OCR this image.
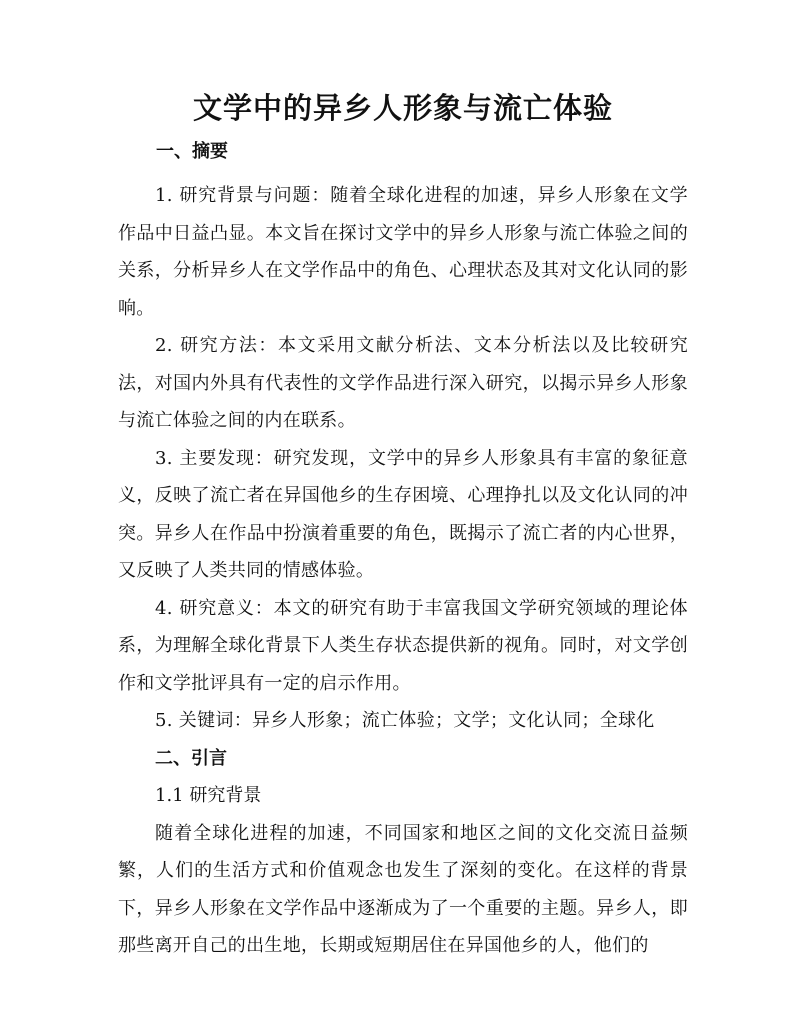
文学中的异乡人形象与流亡体验
一、摘要

1. 研究背景与问题：随着全球化进程的加速，异乡人形象在文学作品中日益凸显。本文旨在探讨文学中的异乡人形象与流亡体验之间的关系，分析异乡人在文学作品中的角色、心理状态及其对文化认同的影响。

2. 研究方法：本文采用文献分析法、文本分析法以及比较研究法，对国内外具有代表性的文学作品进行深入研究，以揭示异乡人形象与流亡体验之间的内在联系。

3. 主要发现：研究发现，文学中的异乡人形象具有丰富的象征意义，反映了流亡者在异国他乡的生存困境、心理挣扎以及文化认同的冲突。异乡人在作品中扮演着重要的角色，既揭示了流亡者的内心世界，又反映了人类共同的情感体验。

4. 研究意义：本文的研究有助于丰富我国文学研究领域的理论体系，为理解全球化背景下人类生存状态提供新的视角。同时，对文学创作和文学批评具有一定的启示作用。

5. 关键词：异乡人形象；流亡体验；文学；文化认同；全球化

二、引言
1.1 研究背景

随着全球化进程的加速，不同国家和地区之间的文化交流日益频繁，人们的生活方式和价值观念也发生了深刻的变化。在这样的背景下，异乡人形象在文学作品中逐渐成为了一个重要的主题。异乡人，即那些离开自己的出生地，长期或短期居住在异国他乡的人，他们的
